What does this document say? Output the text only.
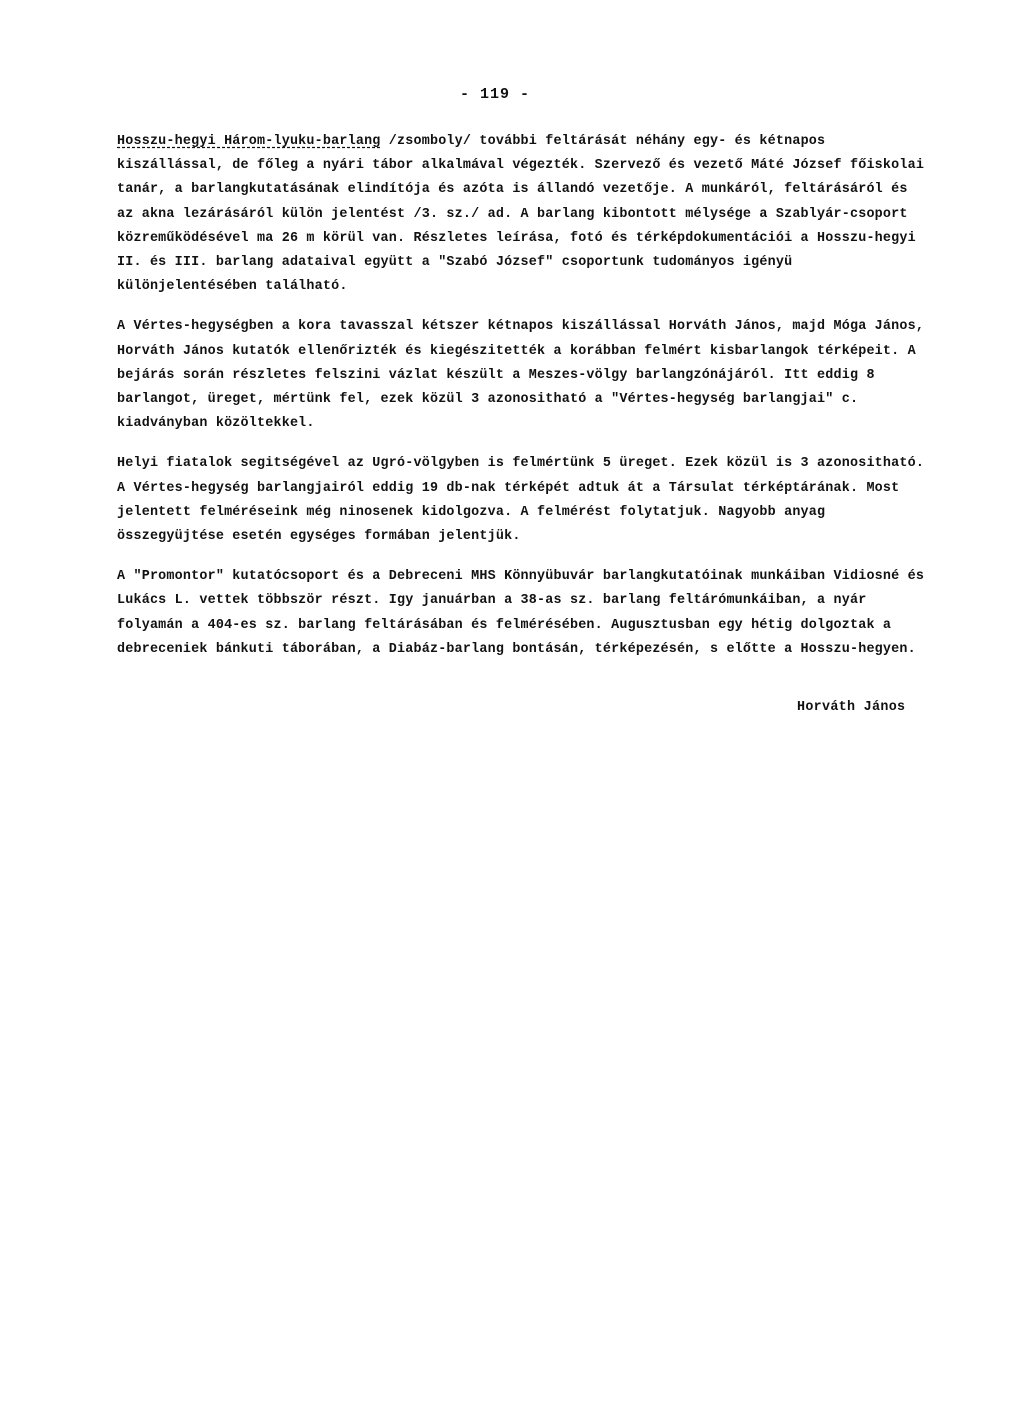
- 119 -

Hosszu-hegyi Három-lyuku-barlang /zsomboly/ további feltárását néhány egy- és kétnapos kiszállással, de főleg a nyári tábor alkalmával végezték. Szervező és vezető Máté József főiskolai tanár, a barlangkutatásának elindítója és azóta is állandó vezetője. A munkáról, feltárásáról és az akna lezárásáról külön jelentést /3. sz./ ad. A barlang kibontott mélysége a Szablyár-csoport közreműködésével ma 26 m körül van. Részletes leírása, fotó és térképdokumentációi a Hosszu-hegyi II. és III. barlang adataival együtt a "Szabó József" csoportunk tudományos igényü különjelentésében található.

A Vértes-hegységben a kora tavasszal kétszer kétnapos kiszállással Horváth János, majd Móga János, Horváth János kutatók ellenőrizték és kiegészitették a korábban felmért kisbarlangok térképeit. A bejárás során részletes felszini vázlat készült a Meszes-völgy barlangzónájáról. Itt eddig 8 barlangot, üreget, mértünk fel, ezek közül 3 azonositható a "Vértes-hegység barlangjai" c. kiadványban közöltekkel.

Helyi fiatalok segitségével az Ugró-völgyben is felmértünk 5 üreget. Ezek közül is 3 azonositható. A Vértes-hegység barlangjairól eddig 19 db-nak térképét adtuk át a Társulat térképtárának. Most jelentett felméréseink még ninosenek kidolgozva. A felmérést folytatjuk. Nagyobb anyag összegyüjtése esetén egységes formában jelentjük.

A "Promontor" kutatócsoport és a Debreceni MHS Könnyübuvár barlangkutatóinak munkáiban Vidiosné és Lukács L. vettek többször részt. Igy januárban a 38-as sz. barlang feltárómunkáiban, a nyár folyamán a 404-es sz. barlang feltárásában és felmérésében. Augusztusban egy hétig dolgoztak a debreceniek bánkuti táborában, a Diabáz-barlang bontásán, térképezésén, s előtte a Hosszu-hegyen.

Horváth János
